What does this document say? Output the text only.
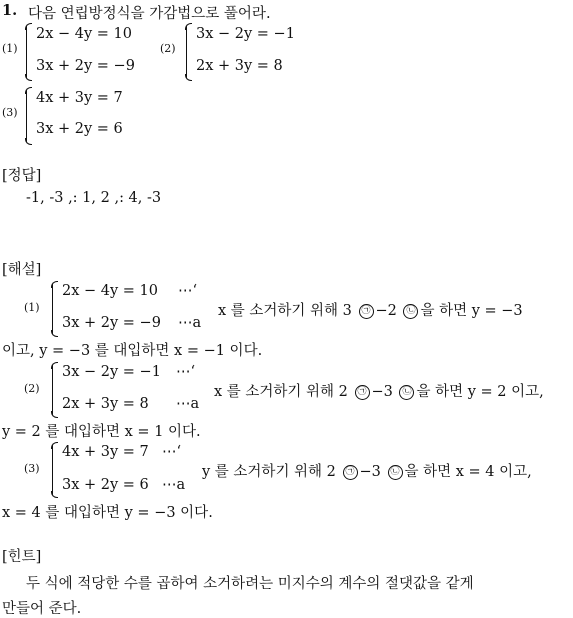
1. 다음 연립방정식을 가감법으로 풀어라.
(1)
2x − 4y = 10
3x + 2y = −9
(2)
3x − 2y = −1
2x + 3y = 8
(3)
4x + 3y = 7
3x + 2y = 6
[정답]
-1, -3 ,: 1, 2 ,: 4, -3
[해설]
(1)
2x − 4y = 10 ⋯ʻ
3x + 2y = −9 ⋯a
x 를 소거하기 위해 3 ㉠ −2 ㉡ 을 하면 y = −3
이고, y = −3 를 대입하면 x = −1 이다.
(2)
3x − 2y = −1 ⋯ʻ
2x + 3y = 8 ⋯a
x 를 소거하기 위해 2 ㉠ −3 ㉡ 을 하면 y = 2 이고,
y = 2 를 대입하면 x = 1 이다.
(3)
4x + 3y = 7 ⋯ʻ
3x + 2y = 6 ⋯a
y 를 소거하기 위해 2 ㉠ −3 ㉡ 을 하면 x = 4 이고,
x = 4 를 대입하면 y = −3 이다.
[힌트]
두 식에 적당한 수를 곱하여 소거하려는 미지수의 계수의 절댓값을 같게
만들어 준다.
